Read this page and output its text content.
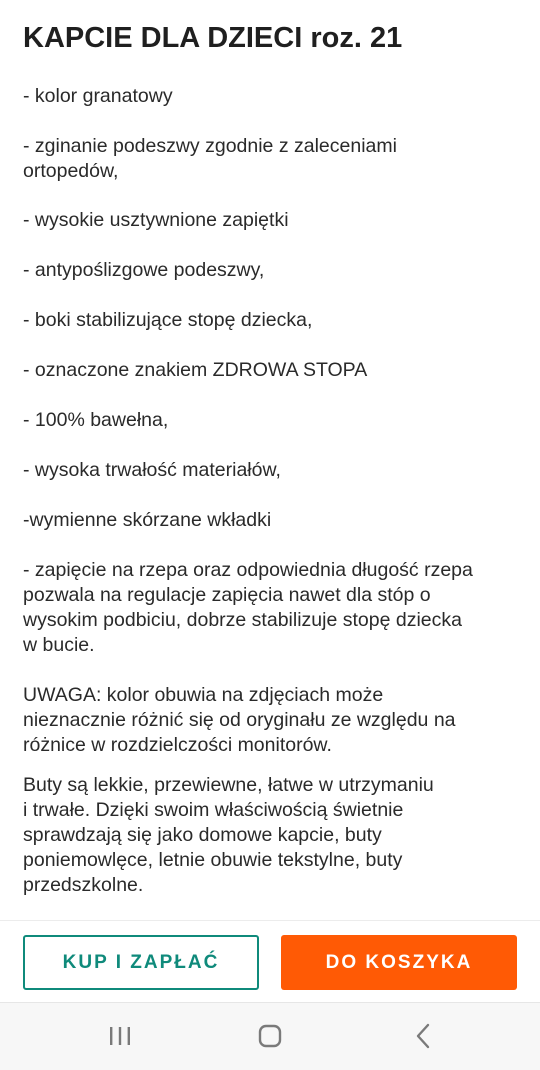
KAPCIE DLA DZIECI roz. 21

- kolor granatowy

- zginanie podeszwy zgodnie z zaleceniami

ortopedów,

- wysokie usztywnione zapiętki

- antypoślizgowe podeszwy,

- boki stabilizujące stopę dziecka,

- oznaczone znakiem ZDROWA STOPA

- 100% bawełna,

- wysoka trwałość materiałów,

-wymienne skórzane wkładki

- zapięcie na rzepa oraz odpowiednia długość rzepa

pozwala na regulacje zapięcia nawet dla stóp o

wysokim podbiciu, dobrze stabilizuje stopę dziecka

w bucie.

UWAGA: kolor obuwia na zdjęciach może

nieznacznie różnić się od oryginału ze względu na

różnice w rozdzielczości monitorów.

Buty są lekkie, przewiewne, łatwe w utrzymaniu

i trwałe. Dzięki swoim właściwością świetnie

sprawdzają się jako domowe kapcie, buty

poniemowlęce, letnie obuwie tekstylne, buty

przedszkolne.

KUP I ZAPŁAĆ	DO KOSZYKA
